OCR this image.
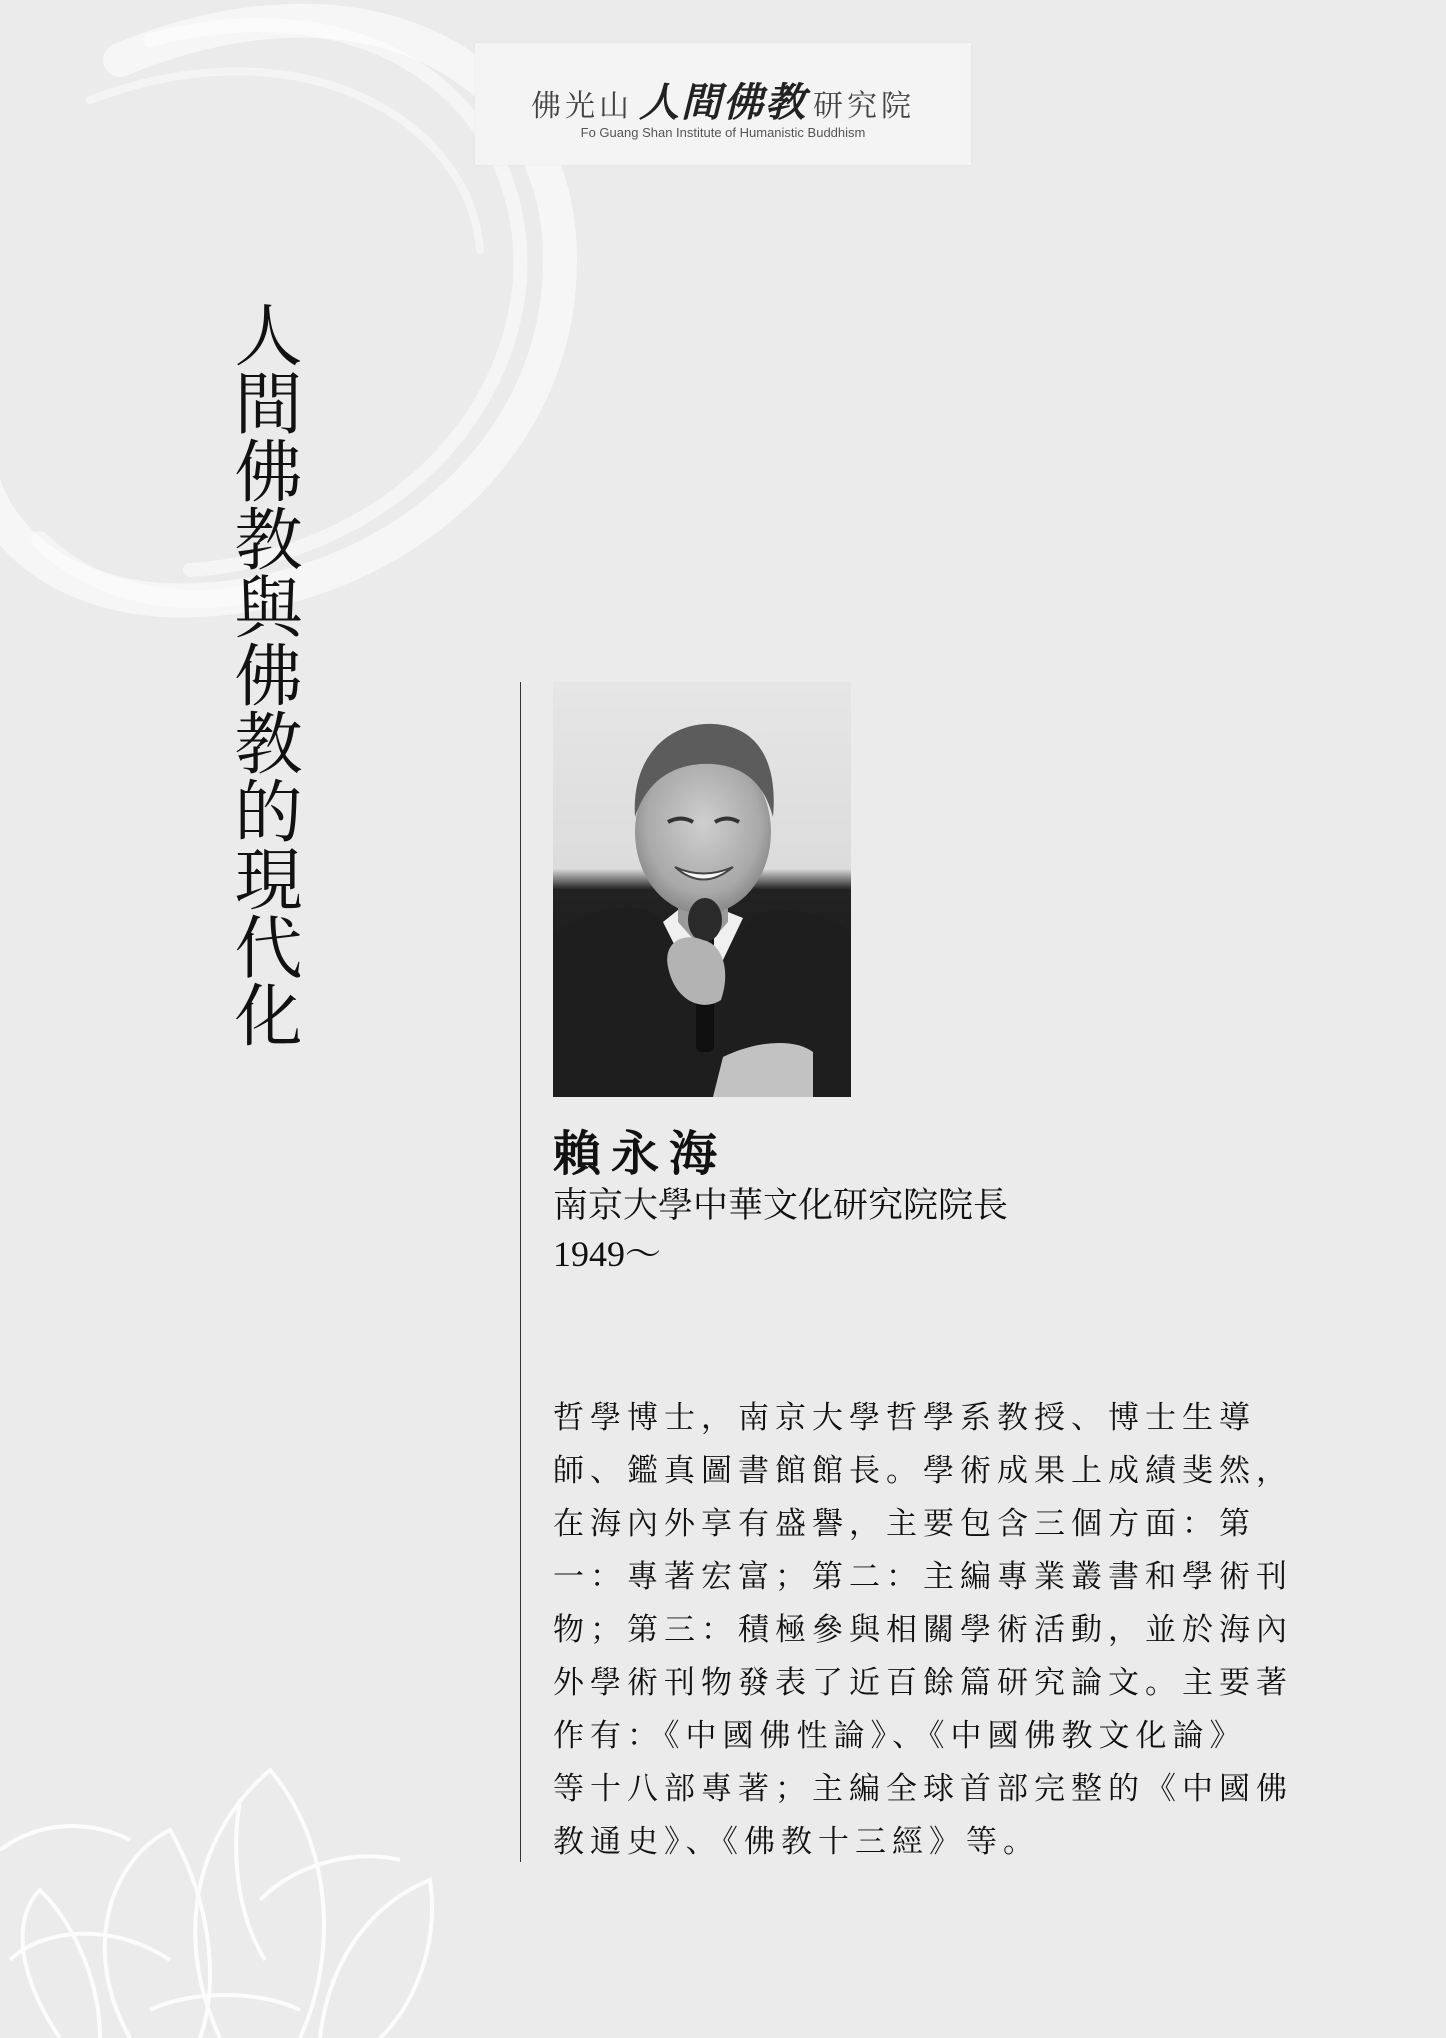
佛光山 人間佛教 研究院
Fo Guang Shan Institute of Humanistic Buddhism
人間佛教與佛教的現代化
賴永海
南京大學中華文化研究院院長
1949～
哲學博士，南京大學哲學系教授、博士生導
師、鑑真圖書館館長。學術成果上成績斐然，
在海內外享有盛譽，主要包含三個方面：第
一：專著宏富；第二：主編專業叢書和學術刊
物；第三：積極參與相關學術活動，並於海內
外學術刊物發表了近百餘篇研究論文。主要著
作有：《中國佛性論》、《中國佛教文化論》
等十八部專著；主編全球首部完整的《中國佛
教通史》、《佛教十三經》等。
